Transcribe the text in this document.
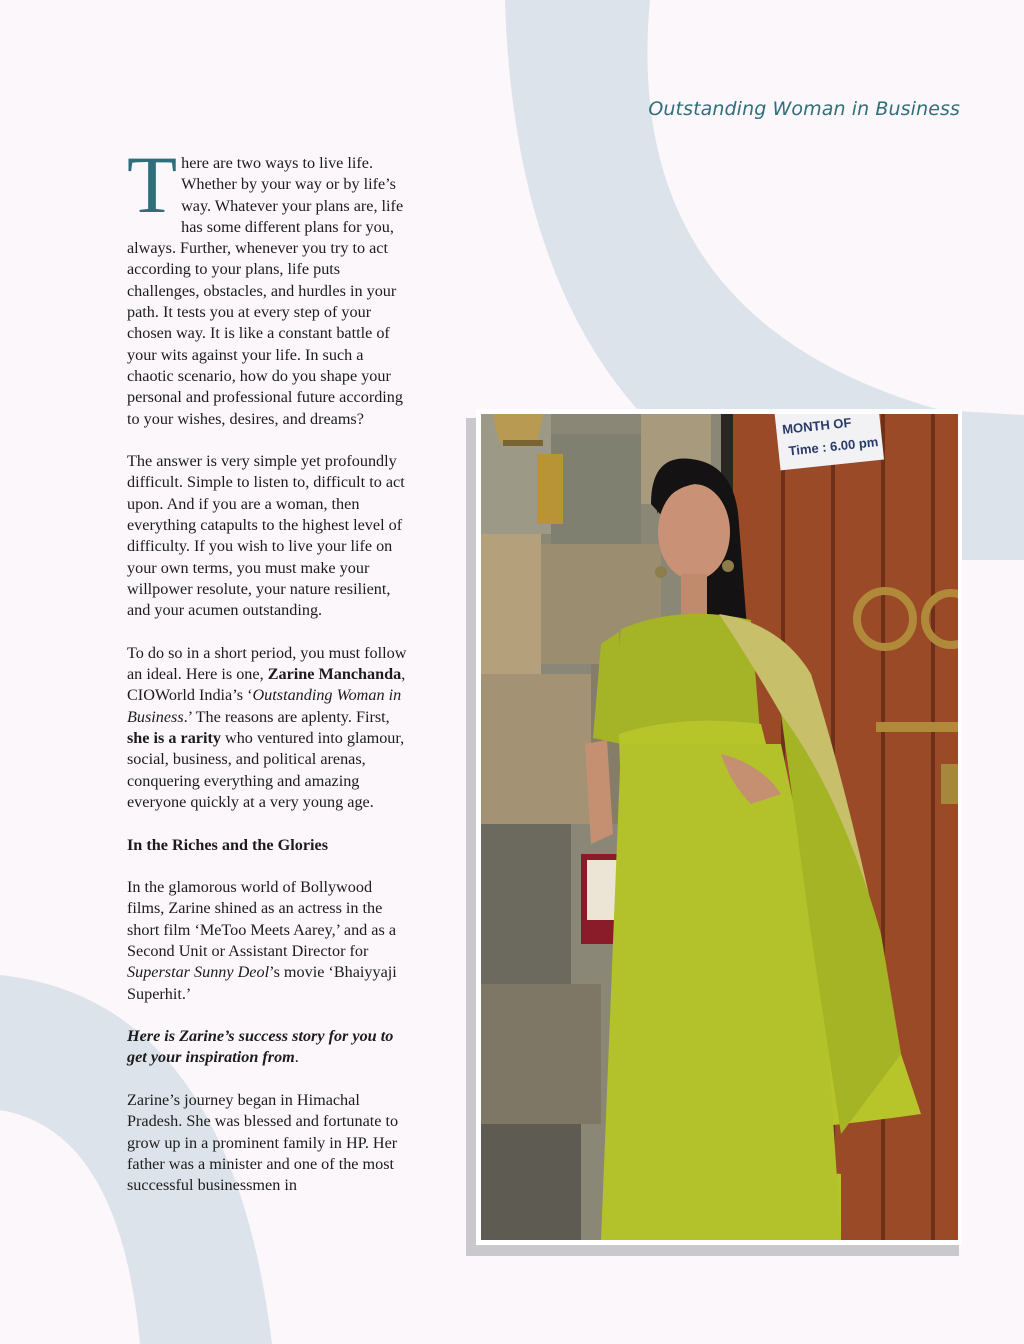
Outstanding Woman in Business

There are two ways to live life. Whether by your way or by life’s way. Whatever your plans are, life has some different plans for you, always. Further, whenever you try to act according to your plans, life puts challenges, obstacles, and hurdles in your path. It tests you at every step of your chosen way. It is like a constant battle of your wits against your life. In such a chaotic scenario, how do you shape your personal and professional future according to your wishes, desires, and dreams?

The answer is very simple yet profoundly difficult. Simple to listen to, difficult to act upon. And if you are a woman, then everything catapults to the highest level of difficulty. If you wish to live your life on your own terms, you must make your willpower resolute, your nature resilient, and your acumen outstanding.

To do so in a short period, you must follow an ideal. Here is one, Zarine Manchanda, CIOWorld India’s ‘Outstanding Woman in Business.’ The reasons are aplenty. First, she is a rarity who ventured into glamour, social, business, and political arenas, conquering everything and amazing everyone quickly at a very young age.

In the Riches and the Glories

In the glamorous world of Bollywood films, Zarine shined as an actress in the short film ‘MeToo Meets Aarey,’ and as a Second Unit or Assistant Director for Superstar Sunny Deol’s movie ‘Bhaiyyaji Superhit.’

Here is Zarine’s success story for you to get your inspiration from.

Zarine’s journey began in Himachal Pradesh. She was blessed and fortunate to grow up in a prominent family in HP. Her father was a minister and one of the most successful businessmen in

MONTH OF
Time : 6.00 pm
